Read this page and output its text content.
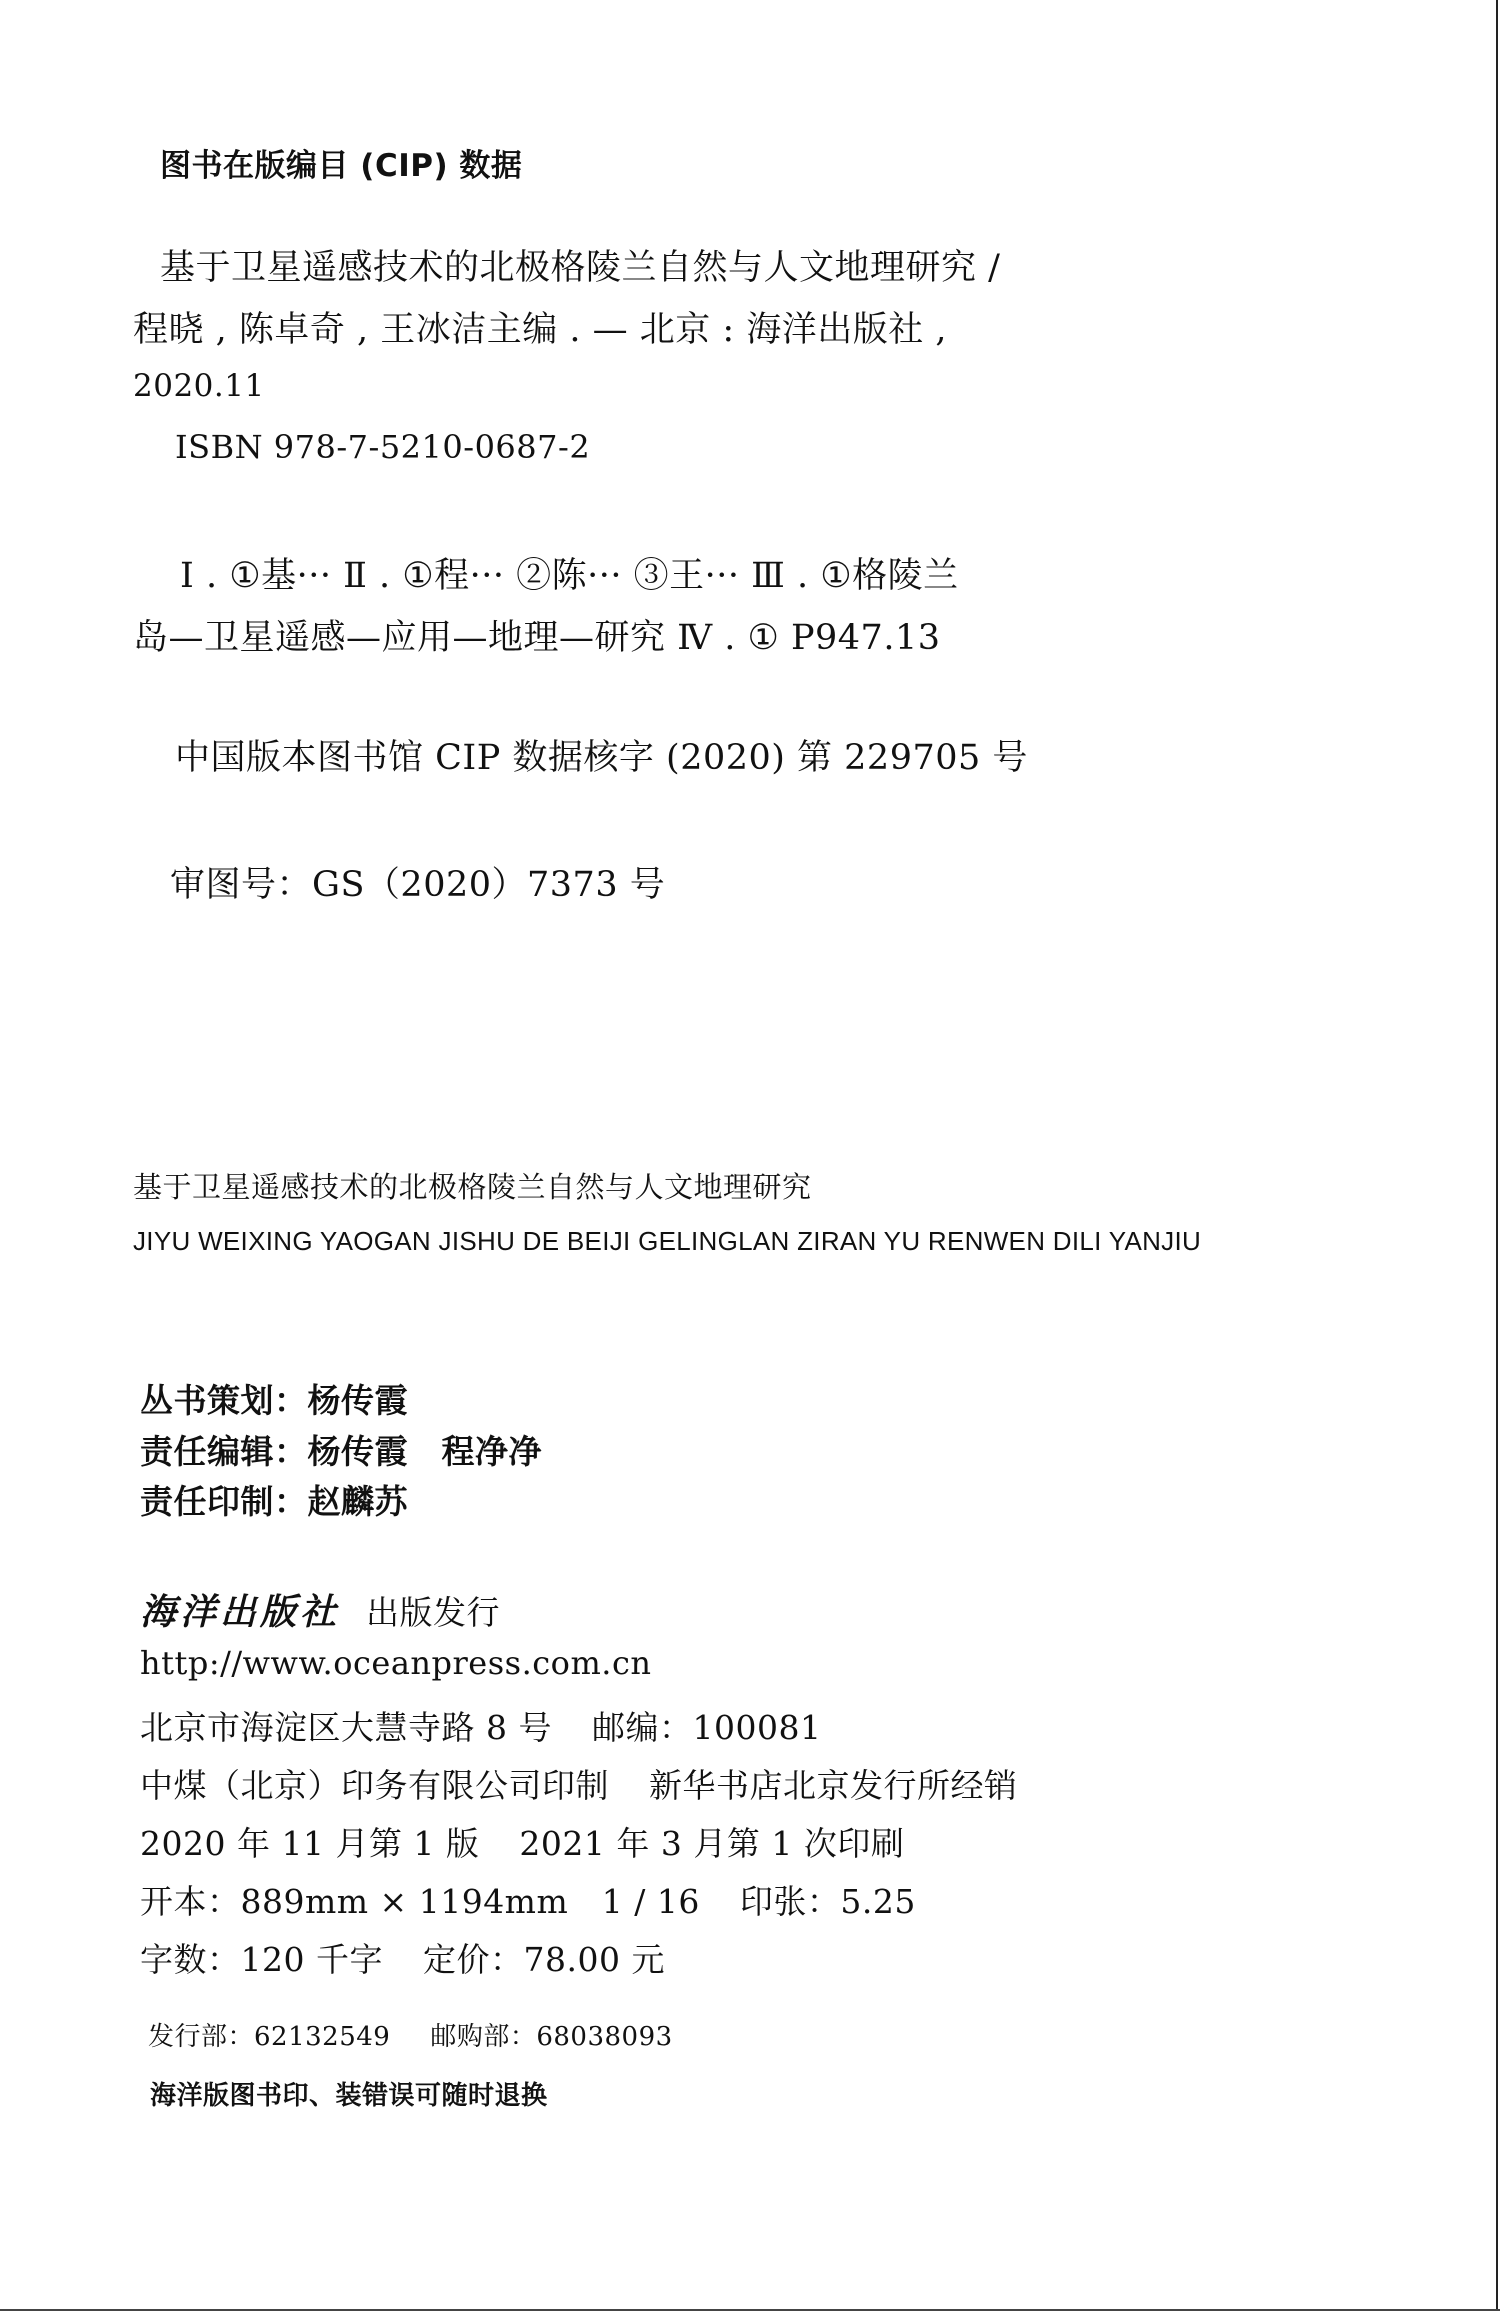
图书在版编目 (CIP) 数据
基于卫星遥感技术的北极格陵兰自然与人文地理研究 /
程晓 , 陈卓奇 , 王冰洁主编 . — 北京 : 海洋出版社 ,
2020.11
ISBN 978-7-5210-0687-2
Ⅰ . ①基··· Ⅱ . ①程··· ②陈··· ③王··· Ⅲ . ①格陵兰
岛—卫星遥感—应用—地理—研究 Ⅳ . ① P947.13
中国版本图书馆 CIP 数据核字 (2020) 第 229705 号
审图号：GS（2020）7373 号
基于卫星遥感技术的北极格陵兰自然与人文地理研究
JIYU WEIXING YAOGAN JISHU DE BEIJI GELINGLAN ZIRAN YU RENWEN DILI YANJIU
丛书策划：杨传霞
责任编辑：杨传霞　程净净
责任印制：赵麟苏
海洋出版社 出版发行
http://www.oceanpress.com.cn
北京市海淀区大慧寺路 8 号 邮编：100081
中煤（北京）印务有限公司印制 新华书店北京发行所经销
2020 年 11 月第 1 版 2021 年 3 月第 1 次印刷
开本：889mm × 1194mm　1 / 16 印张：5.25
字数：120 千字 定价：78.00 元
发行部：62132549 邮购部：68038093
海洋版图书印、装错误可随时退换
